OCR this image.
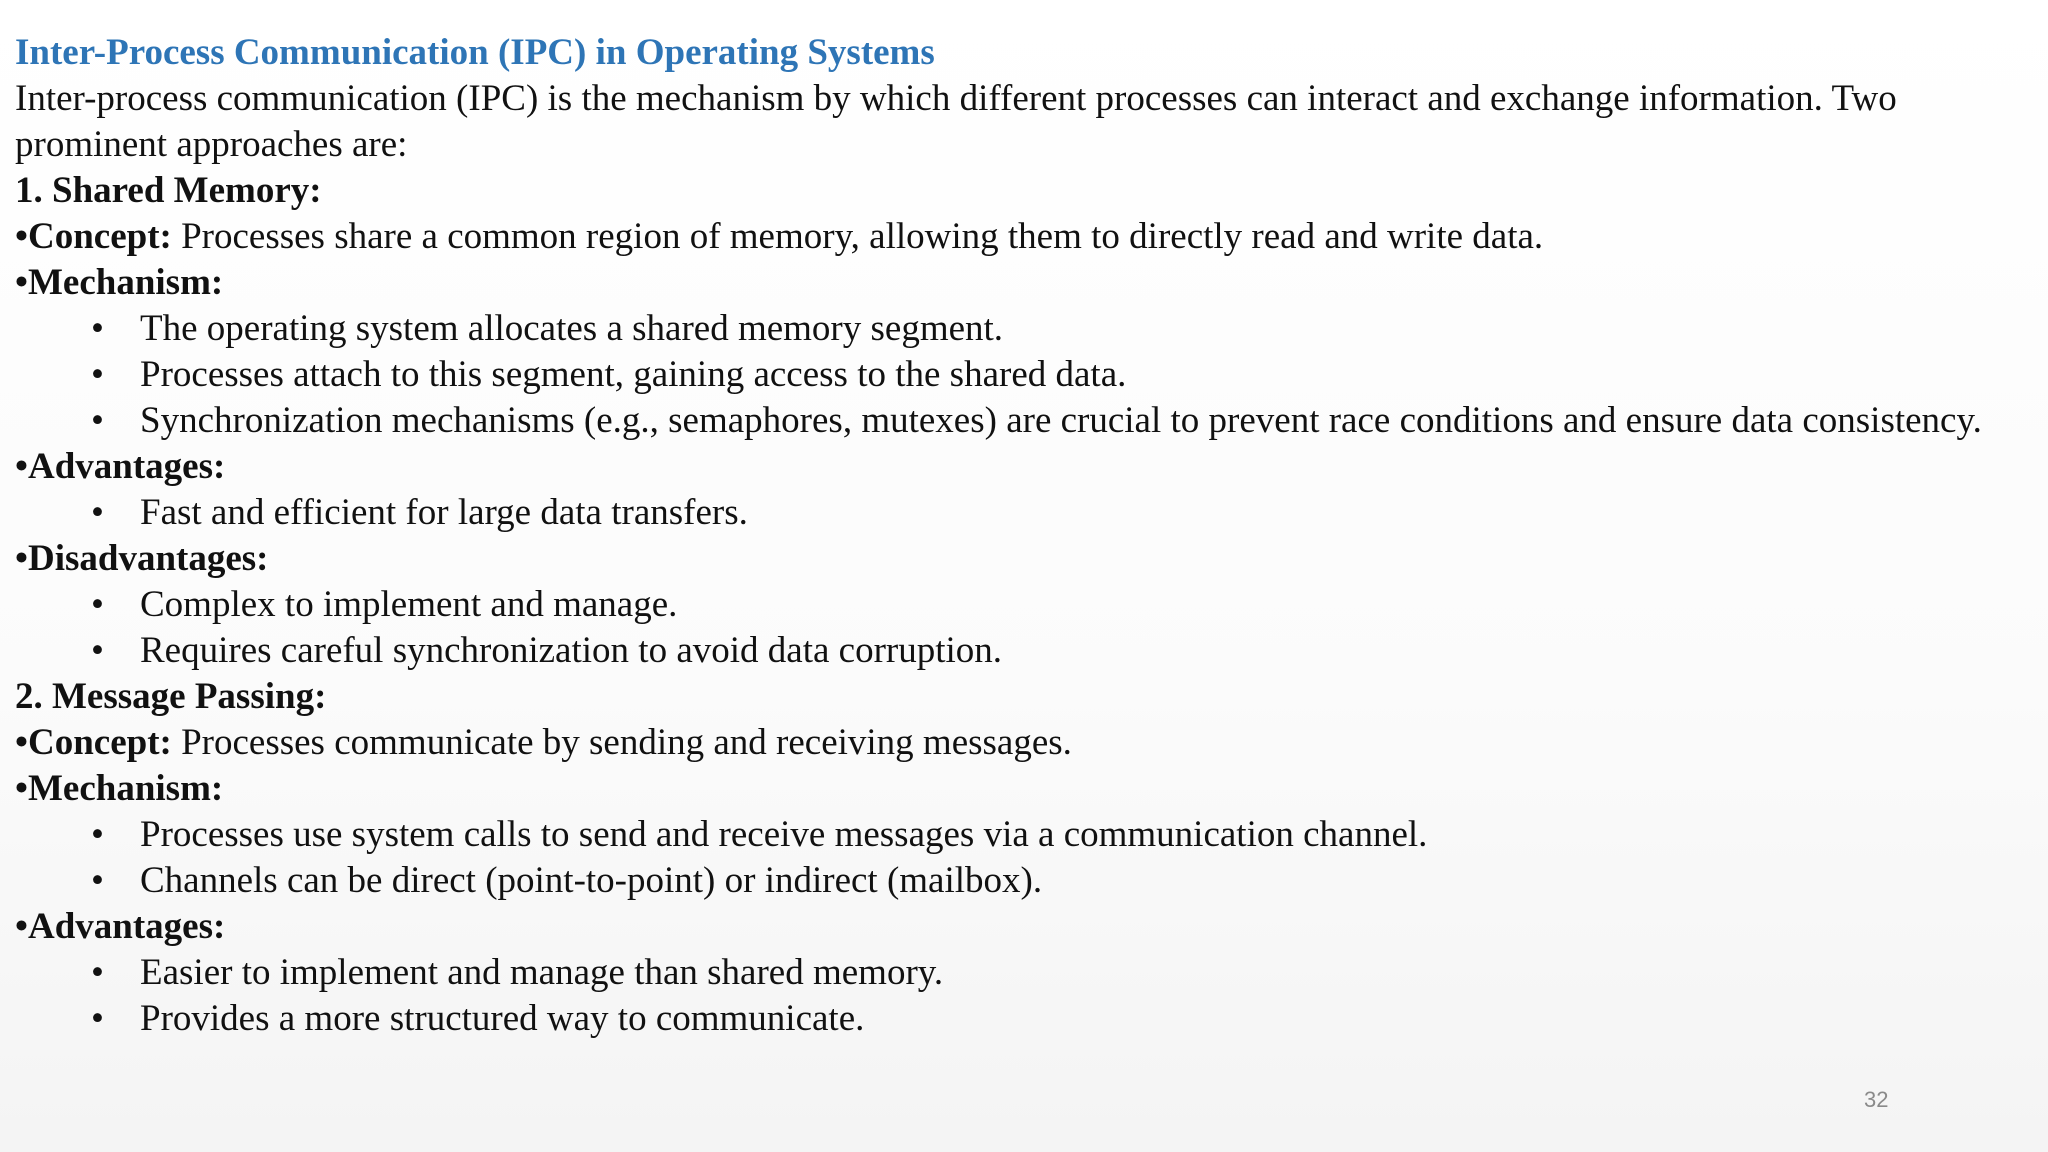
Inter-Process Communication (IPC) in Operating Systems
Inter-process communication (IPC) is the mechanism by which different processes can interact and exchange information. Two prominent approaches are:
1. Shared Memory:
•Concept: Processes share a common region of memory, allowing them to directly read and write data.
•Mechanism:
• The operating system allocates a shared memory segment.
• Processes attach to this segment, gaining access to the shared data.
• Synchronization mechanisms (e.g., semaphores, mutexes) are crucial to prevent race conditions and ensure data consistency.
•Advantages:
• Fast and efficient for large data transfers.
•Disadvantages:
• Complex to implement and manage.
• Requires careful synchronization to avoid data corruption.
2. Message Passing:
•Concept: Processes communicate by sending and receiving messages.
•Mechanism:
• Processes use system calls to send and receive messages via a communication channel.
• Channels can be direct (point-to-point) or indirect (mailbox).
•Advantages:
• Easier to implement and manage than shared memory.
• Provides a more structured way to communicate.
32
